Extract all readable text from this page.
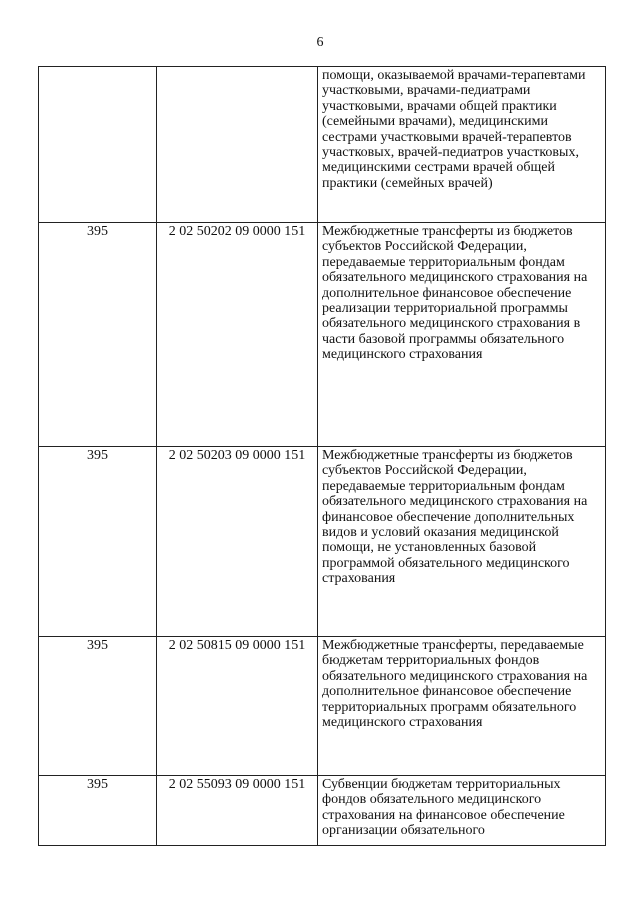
6

		помощи, оказываемой врачами-терапевтами участковыми, врачами-педиатрами участковыми, врачами общей практики (семейными врачами), медицинскими сестрами участковыми врачей-терапевтов участковых, врачей-педиатров участковых, медицинскими сестрами врачей общей практики (семейных врачей)

395	2 02 50202 09 0000 151	Межбюджетные трансферты из бюджетов субъектов Российской Федерации, передаваемые территориальным фондам обязательного медицинского страхования на дополнительное финансовое обеспечение реализации территориальной программы обязательного медицинского страхования в части базовой программы обязательного медицинского страхования

395	2 02 50203 09 0000 151	Межбюджетные трансферты из бюджетов субъектов Российской Федерации, передаваемые территориальным фондам обязательного медицинского страхования на финансовое обеспечение дополнительных видов и условий оказания медицинской помощи, не установленных базовой программой обязательного медицинского страхования

395	2 02 50815 09 0000 151	Межбюджетные трансферты, передаваемые бюджетам территориальных фондов обязательного медицинского страхования на дополнительное финансовое обеспечение территориальных программ обязательного медицинского страхования

395	2 02 55093 09 0000 151	Субвенции бюджетам территориальных фондов обязательного медицинского страхования на финансовое обеспечение организации обязательного
